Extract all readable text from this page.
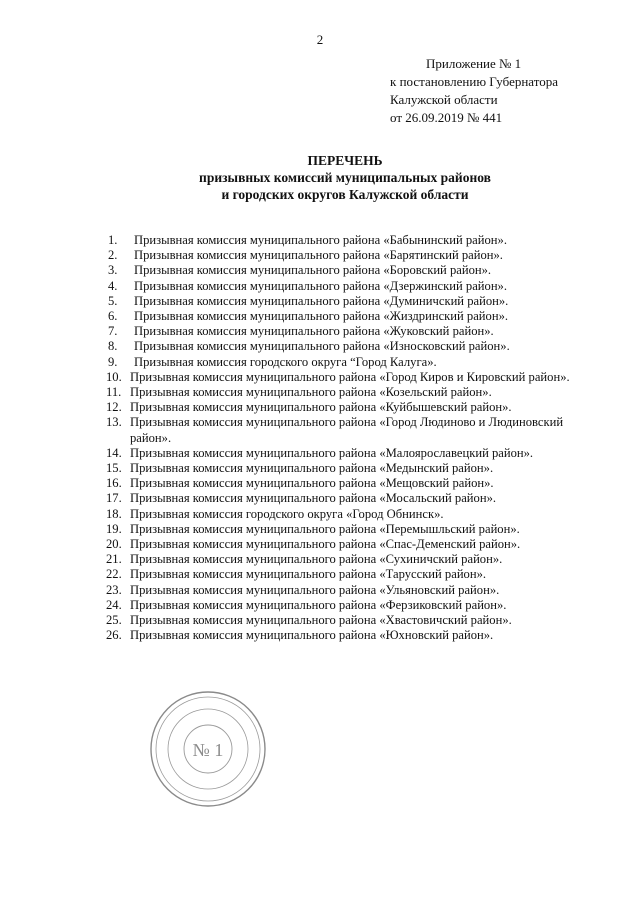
2
Приложение № 1
к постановлению Губернатора
Калужской области
от 26.09.2019 № 441
ПЕРЕЧЕНЬ
призывных комиссий муниципальных районов
и городских округов Калужской области
1.	Призывная комиссия муниципального района «Бабынинский район».
2.	Призывная комиссия муниципального района «Барятинский район».
3.	Призывная комиссия муниципального района «Боровский район».
4.	Призывная комиссия муниципального района «Дзержинский район».
5.	Призывная комиссия муниципального района «Думиничский район».
6.	Призывная комиссия муниципального района «Жиздринский район».
7.	Призывная комиссия муниципального района «Жуковский район».
8.	Призывная комиссия муниципального района «Износковский район».
9.	Призывная комиссия городского округа “Город Калуга».
10. Призывная комиссия муниципального района «Город Киров и Кировский район».
11. Призывная комиссия муниципального района «Козельский район».
12. Призывная комиссия муниципального района «Куйбышевский район».
13. Призывная комиссия муниципального района «Город Людиново и Людиновский район».
14. Призывная комиссия муниципального района «Малоярославецкий район».
15. Призывная комиссия муниципального района «Медынский район».
16. Призывная комиссия муниципального района «Мещовский район».
17. Призывная комиссия муниципального района «Мосальский район».
18. Призывная комиссия городского округа «Город Обнинск».
19. Призывная комиссия муниципального района «Перемышльский район».
20. Призывная комиссия муниципального района «Спас-Деменский район».
21. Призывная комиссия муниципального района «Сухиничский район».
22. Призывная комиссия муниципального района «Тарусский район».
23. Призывная комиссия муниципального района «Ульяновский район».
24. Призывная комиссия муниципального района «Ферзиковский район».
25. Призывная комиссия муниципального района «Хвастовичский район».
26. Призывная комиссия муниципального района «Юхновский район».
№ 1
